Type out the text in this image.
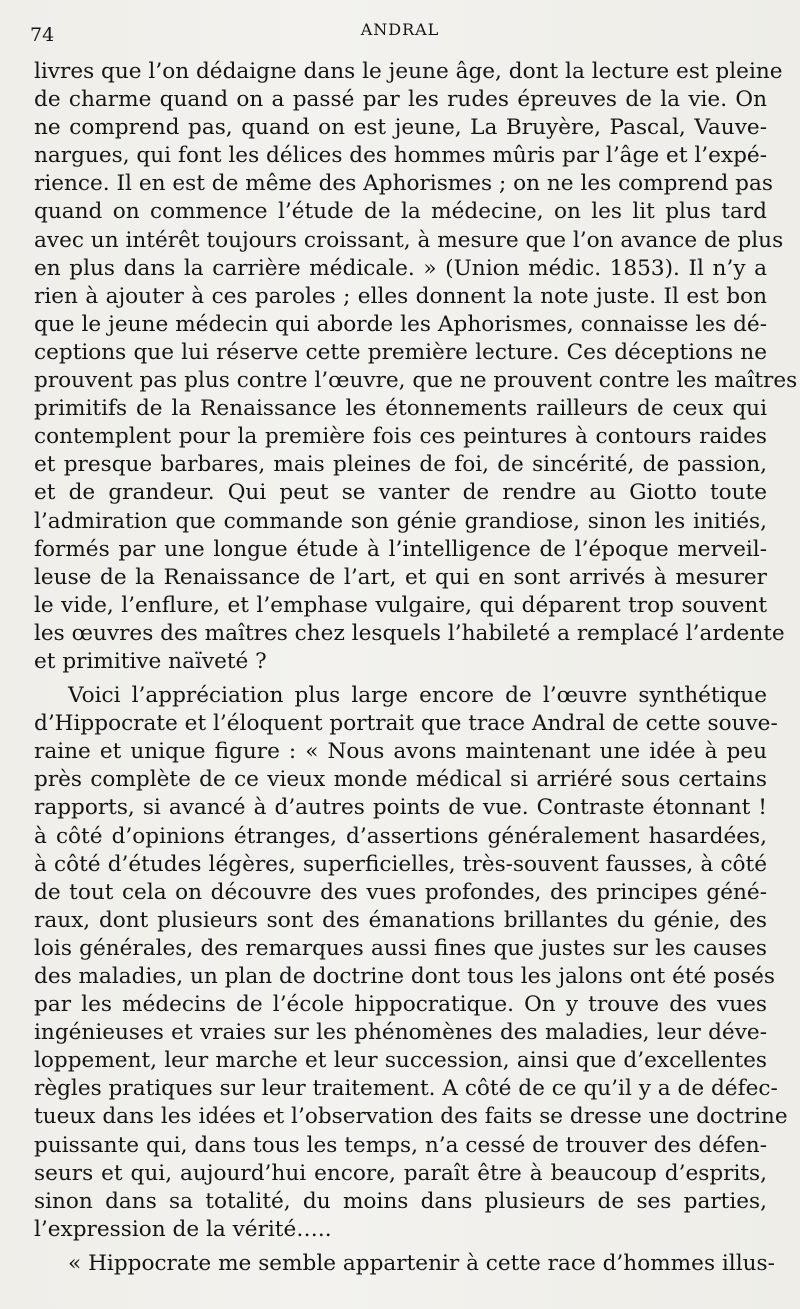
74	ANDRAL
livres que l’on dédaigne dans le jeune âge, dont la lecture est pleine
de charme quand on a passé par les rudes épreuves de la vie. On
ne comprend pas, quand on est jeune, La Bruyère, Pascal, Vauve-
nargues, qui font les délices des hommes mûris par l’âge et l’expé-
rience. Il en est de même des Aphorismes ; on ne les comprend pas
quand on commence l’étude de la médecine, on les lit plus tard
avec un intérêt toujours croissant, à mesure que l’on avance de plus
en plus dans la carrière médicale. » (Union médic. 1853). Il n’y a
rien à ajouter à ces paroles ; elles donnent la note juste. Il est bon
que le jeune médecin qui aborde les Aphorismes, connaisse les dé-
ceptions que lui réserve cette première lecture. Ces déceptions ne
prouvent pas plus contre l’œuvre, que ne prouvent contre les maîtres
primitifs de la Renaissance les étonnements railleurs de ceux qui
contemplent pour la première fois ces peintures à contours raides
et presque barbares, mais pleines de foi, de sincérité, de passion,
et de grandeur. Qui peut se vanter de rendre au Giotto toute
l’admiration que commande son génie grandiose, sinon les initiés,
formés par une longue étude à l’intelligence de l’époque merveil-
leuse de la Renaissance de l’art, et qui en sont arrivés à mesurer
le vide, l’enflure, et l’emphase vulgaire, qui déparent trop souvent
les œuvres des maîtres chez lesquels l’habileté a remplacé l’ardente
et primitive naïveté ?
Voici l’appréciation plus large encore de l’œuvre synthétique
d’Hippocrate et l’éloquent portrait que trace Andral de cette souve-
raine et unique figure : « Nous avons maintenant une idée à peu
près complète de ce vieux monde médical si arriéré sous certains
rapports, si avancé à d’autres points de vue. Contraste étonnant !
à côté d’opinions étranges, d’assertions généralement hasardées,
à côté d’études légères, superficielles, très-souvent fausses, à côté
de tout cela on découvre des vues profondes, des principes géné-
raux, dont plusieurs sont des émanations brillantes du génie, des
lois générales, des remarques aussi fines que justes sur les causes
des maladies, un plan de doctrine dont tous les jalons ont été posés
par les médecins de l’école hippocratique. On y trouve des vues
ingénieuses et vraies sur les phénomènes des maladies, leur déve-
loppement, leur marche et leur succession, ainsi que d’excellentes
règles pratiques sur leur traitement. A côté de ce qu’il y a de défec-
tueux dans les idées et l’observation des faits se dresse une doctrine
puissante qui, dans tous les temps, n’a cessé de trouver des défen-
seurs et qui, aujourd’hui encore, paraît être à beaucoup d’esprits,
sinon dans sa totalité, du moins dans plusieurs de ses parties,
l’expression de la vérité…..
« Hippocrate me semble appartenir à cette race d’hommes illus-
